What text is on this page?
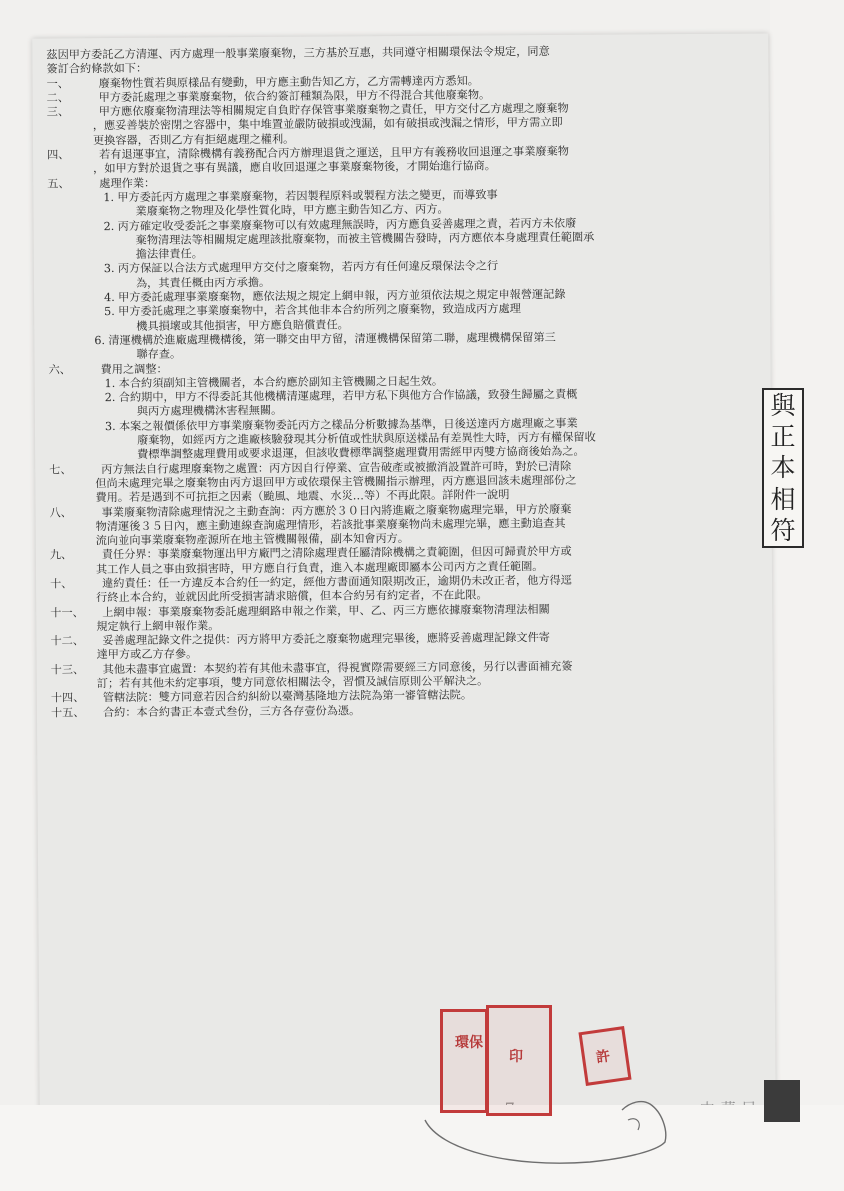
茲因甲方委託乙方清運、丙方處理一般事業廢棄物，三方基於互惠，共同遵守相關環保法令規定，同意
簽訂合約條款如下：
一、	廢棄物性質若與原樣品有變動，甲方應主動告知乙方，乙方需轉達丙方悉知。
二、	甲方委託處理之事業廢棄物，依合約簽訂種類為限，甲方不得混合其他廢棄物。
三、	甲方應依廢棄物清理法等相關規定自負貯存保管事業廢棄物之責任，甲方交付乙方處理之廢棄物
，應妥善裝於密閉之容器中，集中堆置並嚴防破損或洩漏，如有破損或洩漏之情形，甲方需立即
更換容器，否則乙方有拒絕處理之權利。
四、	若有退運事宜，清除機構有義務配合丙方辦理退貨之運送，且甲方有義務收回退運之事業廢棄物
，如甲方對於退貨之事有異議，應自收回退運之事業廢棄物後，才開始進行協商。
五、	處理作業：
1. 甲方委託丙方處理之事業廢棄物，若因製程原料或製程方法之變更，而導致事
業廢棄物之物理及化學性質化時，甲方應主動告知乙方、丙方。
2. 丙方確定收受委託之事業廢棄物可以有效處理無誤時，丙方應負妥善處理之責，若丙方未依廢
棄物清理法等相關規定處理該批廢棄物，而被主管機關告發時，丙方應依本身處理責任範圍承
擔法律責任。
3. 丙方保証以合法方式處理甲方交付之廢棄物，若丙方有任何違反環保法令之行
為，其責任概由丙方承擔。
4. 甲方委託處理事業廢棄物，應依法規之規定上網申報，丙方並須依法規之規定申報營運記錄
5. 甲方委託處理之事業廢棄物中，若含其他非本合約所列之廢棄物，致造成丙方處理
機具損壞或其他損害，甲方應負賠償責任。
6. 清運機構於進廠處理機構後，第一聯交由甲方留，清運機構保留第二聯，處理機構保留第三
聯存查。
六、	費用之調整：
1. 本合約須副知主管機關者，本合約應於副知主管機關之日起生效。
2. 合約期中，甲方不得委託其他機構清運處理，若甲方私下與他方合作協議，致發生歸屬之責概
與丙方處理機構沐害程無關。
3. 本案之報價係依甲方事業廢棄物委託丙方之樣品分析數據為基準，日後送達丙方處理廠之事業
廢棄物，如經丙方之進廠核驗發現其分析值或性狀與原送樣品有差異性大時，丙方有權保留收
費標準調整處理費用或要求退運，但該收費標準調整處理費用需經甲丙雙方協商後始為之。
七、	丙方無法自行處理廢棄物之處置：丙方因自行停業、宣告破產或被撤消設置許可時，對於已清除
但尚未處理完畢之廢棄物由丙方退回甲方或依環保主管機關指示辦理，丙方應退回該未處理部份之
費用。若是遇到不可抗拒之因素（颱風、地震、水災…等）不再此限。詳附件一說明
八、	事業廢棄物清除處理情況之主動查詢：丙方應於３０日內將進廠之廢棄物處理完畢，甲方於廢棄
物清運後３５日內，應主動連線查詢處理情形，若該批事業廢棄物尚未處理完畢，應主動追查其
流向並向事業廢棄物產源所在地主管機關報備，副本知會丙方。
九、	責任分界：事業廢棄物運出甲方廠門之清除處理責任屬清除機構之責範圍，但因可歸責於甲方或
其工作人員之事由致損害時，甲方應自行負責，進入本處理廠即屬本公司丙方之責任範圍。
十、	違約責任：任一方違反本合約任一約定，經他方書面通知限期改正，逾期仍未改正者，他方得逕
行終止本合約，並就因此所受損害請求賠償，但本合約另有約定者，不在此限。
十一、 上網申報：事業廢棄物委託處理網路申報之作業，甲、乙、丙三方應依據廢棄物清理法相關
規定執行上網申報作業。
十二、 妥善處理記錄文件之提供：丙方將甲方委託之廢棄物處理完畢後，應將妥善處理記錄文件寄
達甲方或乙方存參。
十三、 其他未盡事宜處置：本契約若有其他未盡事宜，得視實際需要經三方同意後，另行以書面補充簽
訂；若有其他未約定事項，雙方同意依相關法令，習慣及誠信原則公平解決之。
十四、 管轄法院：雙方同意若因合約糾紛以臺灣基隆地方法院為第一審管轄法院。
十五、 合約：本合約書正本壹式叁份，三方各存壹份為憑。
與
正
本
相
符
環保
印	許
